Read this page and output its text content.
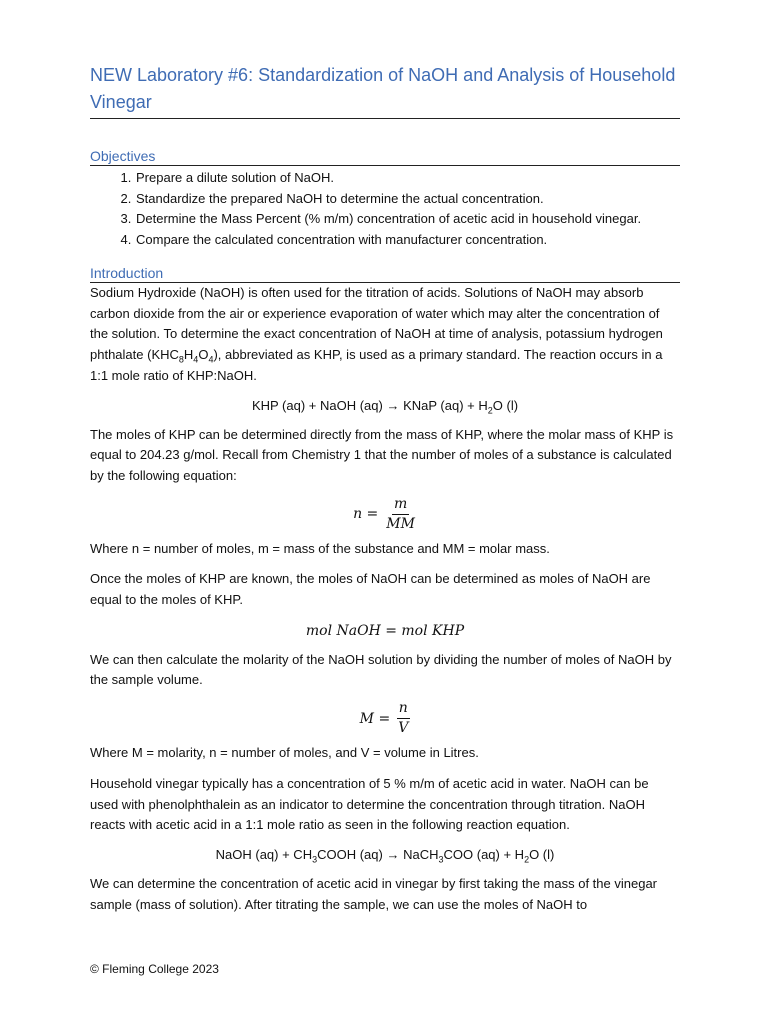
NEW Laboratory #6: Standardization of NaOH and Analysis of Household Vinegar
Objectives
1. Prepare a dilute solution of NaOH.
2. Standardize the prepared NaOH to determine the actual concentration.
3. Determine the Mass Percent (% m/m) concentration of acetic acid in household vinegar.
4. Compare the calculated concentration with manufacturer concentration.
Introduction

Sodium Hydroxide (NaOH) is often used for the titration of acids. Solutions of NaOH may absorb carbon dioxide from the air or experience evaporation of water which may alter the concentration of the solution. To determine the exact concentration of NaOH at time of analysis, potassium hydrogen phthalate $(KHC_8H_4O_4)$, abbreviated as KHP, is used as a primary standard. The reaction occurs in a 1:1 mole ratio of KHP:NaOH.

KHP (aq) + NaOH (aq) → KNaP $(aq) + H_2O$ (l)

The moles of KHP can be determined directly from the mass of KHP, where the molar mass of KHP is equal to 204.23 g/mol. Recall from Chemistry 1 that the number of moles of a substance is calculated by the following equation:

$n = \frac{m}{MM}$

Where n = number of moles, m = mass of the substance and MM = molar mass.

Once the moles of KHP are known, the moles of NaOH can be determined as moles of NaOH are equal to the moles of KHP.

mol NaOH = mol KHP

We can then calculate the molarity of the NaOH solution by dividing the number of moles of NaOH by the sample volume.

$M = \frac{n}{V}$

Where M = molarity, n = number of moles, and V = volume in Litres.

Household vinegar typically has a concentration of 5 % m/m of acetic acid in water. NaOH can be used with phenolphthalein as an indicator to determine the concentration through titration. NaOH reacts with acetic acid in a 1:1 mole ratio as seen in the following reaction equation.

NaOH $(aq) + CH_3COOH$ (aq) → NaCH$_3$COO $(aq) + H_2O$ (l)

We can determine the concentration of acetic acid in vinegar by first taking the mass of the vinegar sample (mass of solution). After titrating the sample, we can use the moles of NaOH to

© Fleming College 2023
